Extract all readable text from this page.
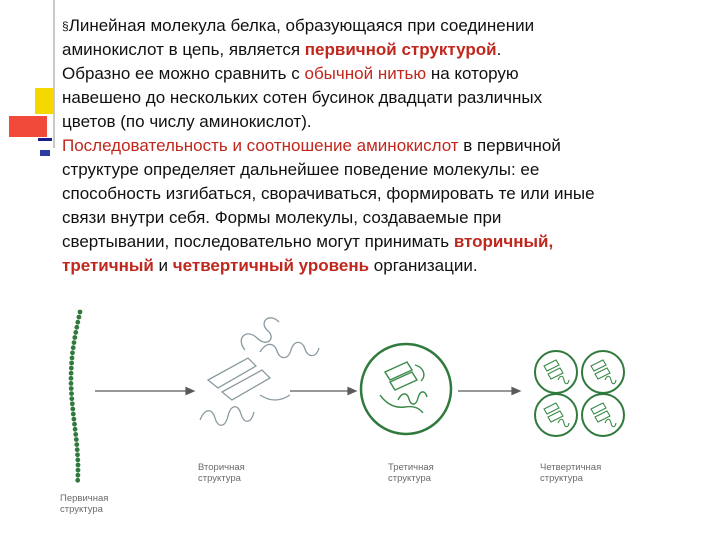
§Линейная молекула белка, образующаяся при соединении
аминокислот в цепь, является первичной структурой.
Образно ее можно сравнить с обычной нитью на которую
навешено до нескольких сотен бусинок двадцати различных
цветов (по числу аминокислот).

Последовательность и соотношение аминокислот в первичной
структуре определяет дальнейшее поведение молекулы: ее
способность изгибаться, сворачиваться, формировать те или иные
связи внутри себя. Формы молекулы, создаваемые при
свертывании, последовательно могут принимать вторичный,
третичный и четвертичный уровень организации.

Первичная
структура
Вторичная
структура
Третичная
структура
Четвертичная
структура
